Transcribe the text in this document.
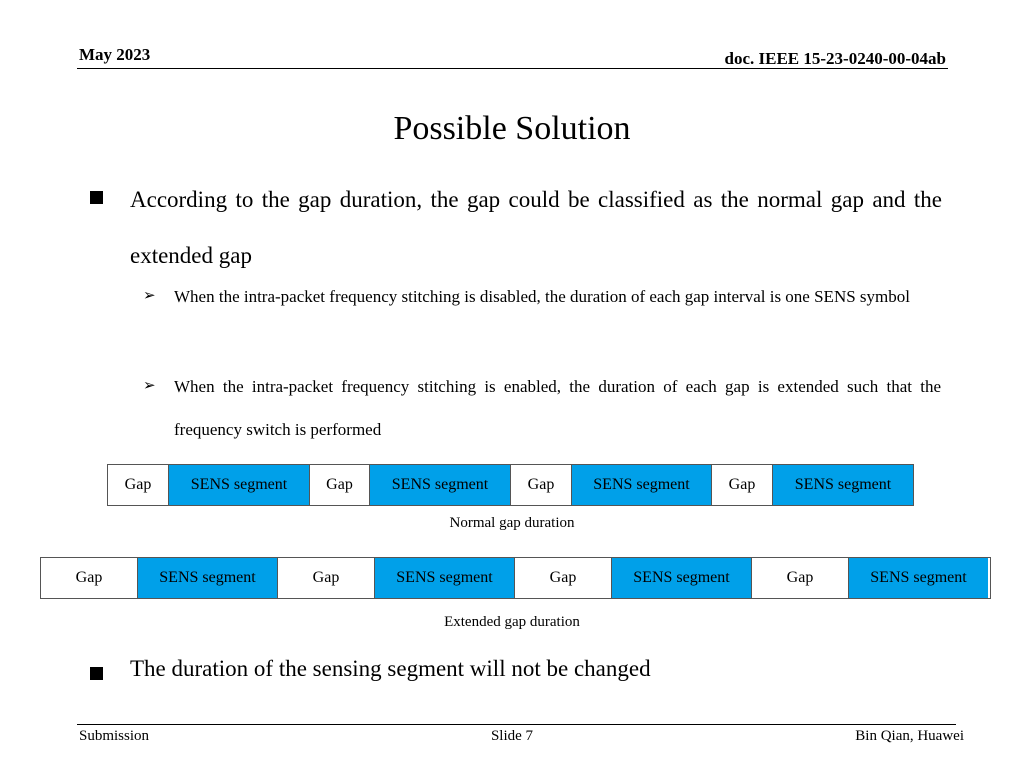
May 2023	doc. IEEE 15-23-0240-00-04ab
Possible Solution
According to the gap duration, the gap could be classified as the normal gap and the extended gap
➢ When the intra-packet frequency stitching is disabled, the duration of each gap interval is one SENS symbol
➢ When the intra-packet frequency stitching is enabled, the duration of each gap is extended such that the frequency switch is performed
Gap	SENS segment	Gap	SENS segment	Gap	SENS segment	Gap	SENS segment
Normal gap duration
Gap	SENS segment	Gap	SENS segment	Gap	SENS segment	Gap	SENS segment
Extended gap duration
The duration of the sensing segment will not be changed
Submission	Slide 7	Bin Qian, Huawei
